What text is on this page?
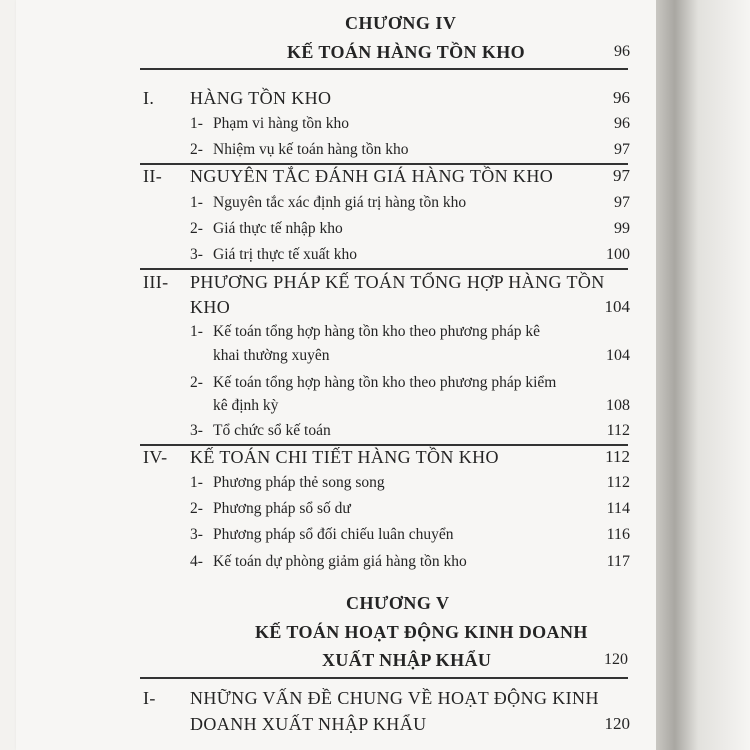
CHƯƠNG IV
KẾ TOÁN HÀNG TỒN KHO	96
I. HÀNG TỒN KHO	96
1- Phạm vi hàng tồn kho	96
2- Nhiệm vụ kế toán hàng tồn kho	97
II- NGUYÊN TẮC ĐÁNH GIÁ HÀNG TỒN KHO	97
1- Nguyên tắc xác định giá trị hàng tồn kho	97
2- Giá thực tế nhập kho	99
3- Giá trị thực tế xuất kho	100
III- PHƯƠNG PHÁP KẾ TOÁN TỔNG HỢP HÀNG TỒN
KHO	104
1- Kế toán tổng hợp hàng tồn kho theo phương pháp kê
khai thường xuyên	104
2- Kế toán tổng hợp hàng tồn kho theo phương pháp kiểm
kê định kỳ	108
3- Tổ chức sổ kế toán	112
IV- KẾ TOÁN CHI TIẾT HÀNG TỒN KHO	112
1- Phương pháp thẻ song song	112
2- Phương pháp sổ số dư	114
3- Phương pháp sổ đối chiếu luân chuyển	116
4- Kế toán dự phòng giảm giá hàng tồn kho	117
CHƯƠNG V
KẾ TOÁN HOẠT ĐỘNG KINH DOANH
XUẤT NHẬP KHẨU	120
I- NHỮNG VẤN ĐỀ CHUNG VỀ HOẠT ĐỘNG KINH
DOANH XUẤT NHẬP KHẨU	120
